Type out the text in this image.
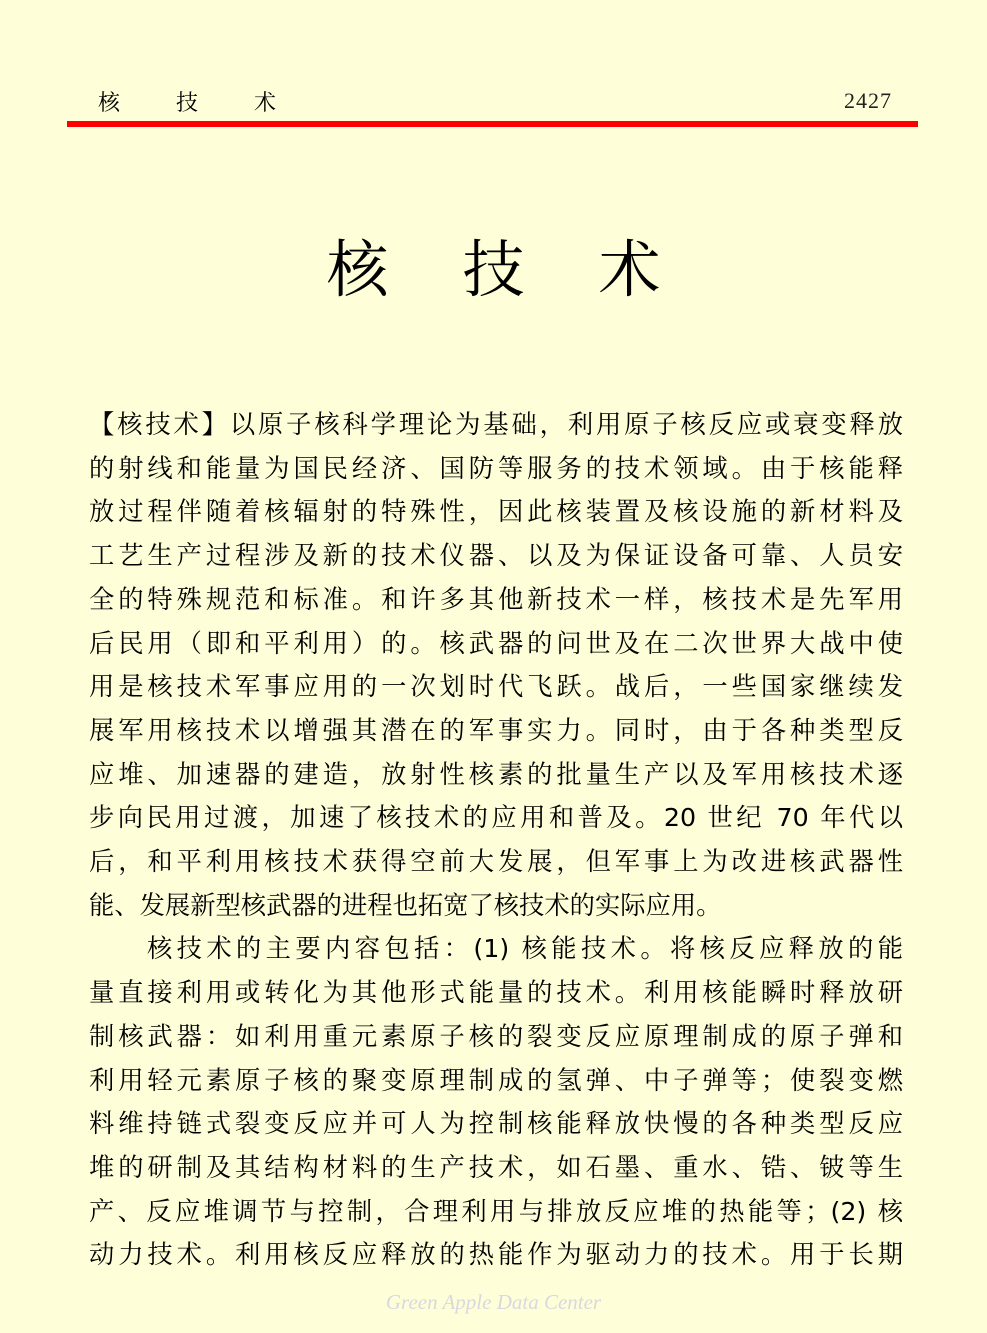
核	技	术	2427
核 技 术

【核技术】以原子核科学理论为基础，利用原子核反应或衰变释放
的射线和能量为国民经济、国防等服务的技术领域。由于核能释
放过程伴随着核辐射的特殊性，因此核装置及核设施的新材料及
工艺生产过程涉及新的技术仪器、以及为保证设备可靠、人员安
全的特殊规范和标准。和许多其他新技术一样，核技术是先军用
后民用（即和平利用）的。核武器的问世及在二次世界大战中使
用是核技术军事应用的一次划时代飞跃。战后，一些国家继续发
展军用核技术以增强其潜在的军事实力。同时，由于各种类型反
应堆、加速器的建造，放射性核素的批量生产以及军用核技术逐
步向民用过渡，加速了核技术的应用和普及。20 世纪 70 年代以
后，和平利用核技术获得空前大发展，但军事上为改进核武器性
能、发展新型核武器的进程也拓宽了核技术的实际应用。

核技术的主要内容包括：(1) 核能技术。将核反应释放的能
量直接利用或转化为其他形式能量的技术。利用核能瞬时释放研
制核武器：如利用重元素原子核的裂变反应原理制成的原子弹和
利用轻元素原子核的聚变原理制成的氢弹、中子弹等；使裂变燃
料维持链式裂变反应并可人为控制核能释放快慢的各种类型反应
堆的研制及其结构材料的生产技术，如石墨、重水、锆、铍等生
产、反应堆调节与控制，合理利用与排放反应堆的热能等；(2) 核
动力技术。利用核反应释放的热能作为驱动力的技术。用于长期

Green Apple Data Center
